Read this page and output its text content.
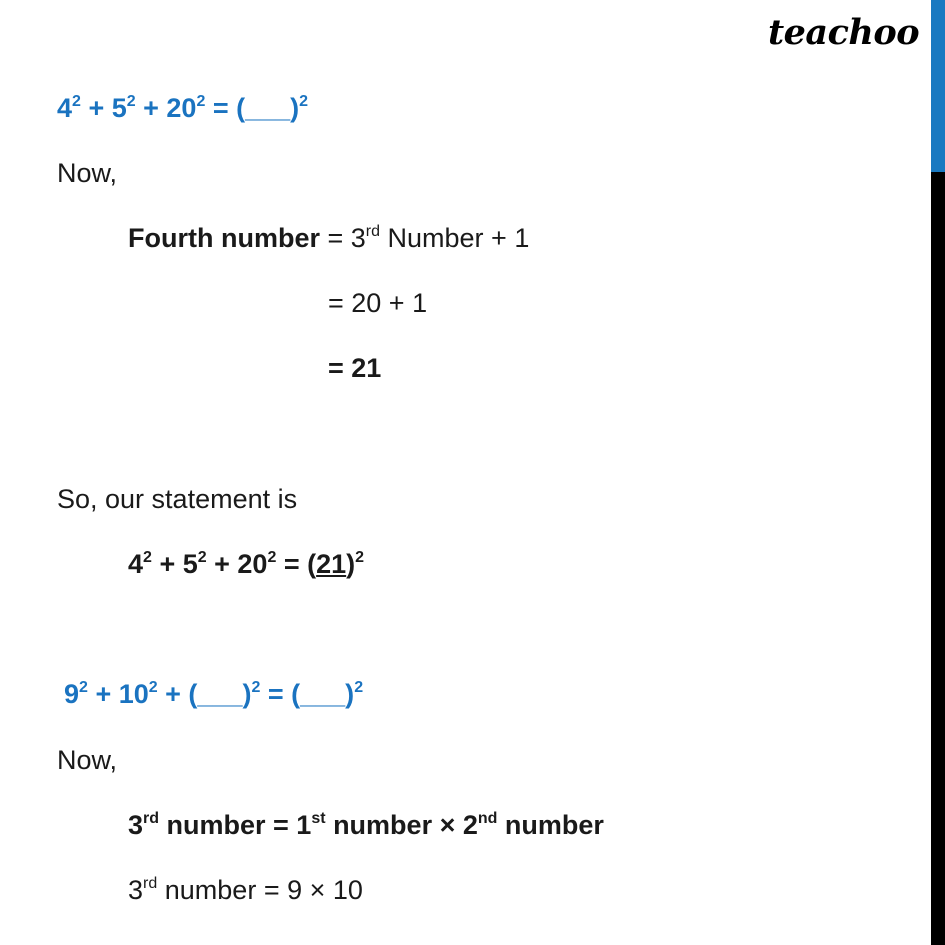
teachoo
$4^2 + 5^2 + 20^2$ = (___)$^2$
Now,
Fourth number = 3rd Number + 1
= 20 + 1
= 21
So, our statement is
$4^2 + 5^2 + 20^2 = (21)^2$
$9^2 + 10^2$ + (___)$^2$ = (___)$^2$
Now,
3rd number = 1st number × 2nd number
3rd number = 9 × 10
